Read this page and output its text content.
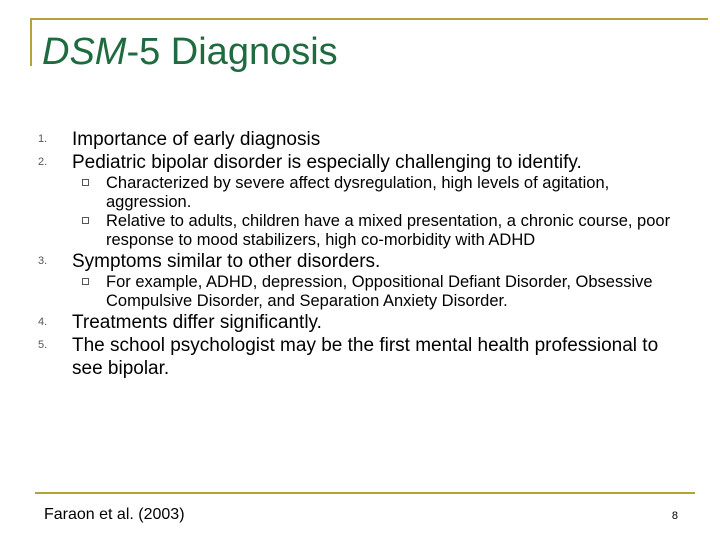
DSM-5 Diagnosis
1.	Importance of early diagnosis
2.	Pediatric bipolar disorder is especially challenging to identify.
Characterized by severe affect dysregulation, high levels of agitation, aggression.
Relative to adults, children have a mixed presentation, a chronic course, poor response to mood stabilizers, high co-morbidity with ADHD
3.	Symptoms similar to other disorders.
For example, ADHD, depression, Oppositional Defiant Disorder, Obsessive Compulsive Disorder, and Separation Anxiety Disorder.
4.	Treatments differ significantly.
5.	The school psychologist may be the first mental health professional to see bipolar.
Faraon et al. (2003)	8
